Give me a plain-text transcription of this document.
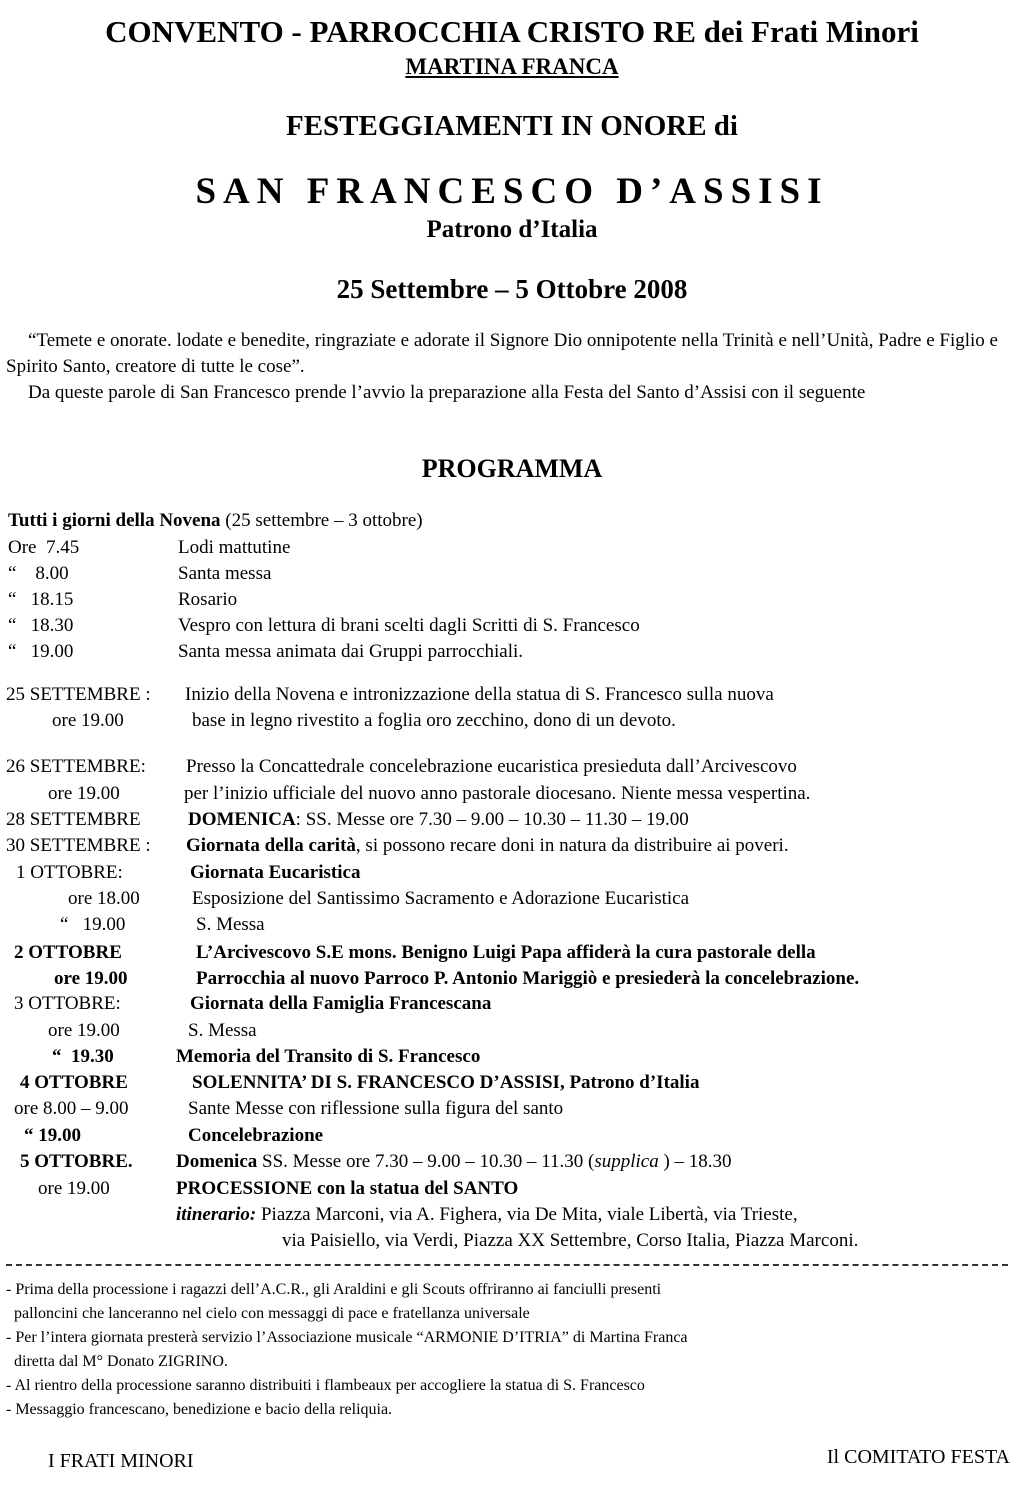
CONVENTO - PARROCCHIA CRISTO RE dei Frati Minori
MARTINA FRANCA
FESTEGGIAMENTI IN ONORE di
SAN FRANCESCO D’ASSISI
Patrono d’Italia
25 Settembre – 5 Ottobre 2008

“Temete e onorate. lodate e benedite, ringraziate e adorate il Signore Dio onnipotente nella Trinità e nell’Unità, Padre e Figlio e Spirito Santo, creatore di tutte le cose”.

Da queste parole di San Francesco prende l’avvio la preparazione alla Festa del Santo d’Assisi con il seguente

PROGRAMMA
Tutti i giorni della Novena (25 settembre – 3 ottobre)
Ore  7.45	Lodi mattutine
“    8.00	Santa messa
“   18.15	Rosario
“   18.30	Vespro con lettura di brani scelti dagli Scritti di S. Francesco
“   19.00	Santa messa animata dai Gruppi parrocchiali.
25 SETTEMBRE : Inizio della Novena e intronizzazione della statua di S. Francesco sulla nuova
ore 19.00	base in legno rivestito a foglia oro zecchino, dono di un devoto.
26 SETTEMBRE: Presso la Concattedrale concelebrazione eucaristica presieduta dall’Arcivescovo
ore 19.00	per l’inizio ufficiale del nuovo anno pastorale diocesano. Niente messa vespertina.
28 SETTEMBRE DOMENICA: SS. Messe ore 7.30 – 9.00 – 10.30 – 11.30 – 19.00
30 SETTEMBRE : Giornata della carità, si possono recare doni in natura da distribuire ai poveri.
1 OTTOBRE:	Giornata Eucaristica
ore 18.00	Esposizione del Santissimo Sacramento e Adorazione Eucaristica
“   19.00	S. Messa
2 OTTOBRE	L’Arcivescovo S.E mons. Benigno Luigi Papa affiderà la cura pastorale della
ore 19.00	Parrocchia al nuovo Parroco P. Antonio Mariggiò e presiederà la concelebrazione.
3 OTTOBRE:	Giornata della Famiglia Francescana
ore 19.00	S. Messa
“  19.30	Memoria del Transito di S. Francesco
4 OTTOBRE	SOLENNITA’ DI S. FRANCESCO D’ASSISI, Patrono d’Italia
ore 8.00 – 9.00	Sante Messe con riflessione sulla figura del santo
“ 19.00	Concelebrazione
5 OTTOBRE. Domenica SS. Messe ore 7.30 – 9.00 – 10.30 – 11.30 (supplica ) – 18.30
ore 19.00	PROCESSIONE con la statua del SANTO
itinerario: Piazza Marconi, via A. Fighera, via De Mita, viale Libertà, via Trieste,
via Paisiello, via Verdi, Piazza XX Settembre, Corso Italia, Piazza Marconi.

- Prima della processione i ragazzi dell’A.C.R., gli Araldini e gli Scouts offriranno ai fanciulli presenti

palloncini che lanceranno nel cielo con messaggi di pace e fratellanza universale

- Per l’intera giornata presterà servizio l’Associazione musicale “ARMONIE D’ITRIA” di Martina Franca

diretta dal M° Donato ZIGRINO.

- Al rientro della processione saranno distribuiti i flambeaux per accogliere la statua di S. Francesco

- Messaggio francescano, benedizione e bacio della reliquia.

I FRATI MINORI	Il COMITATO FESTA
